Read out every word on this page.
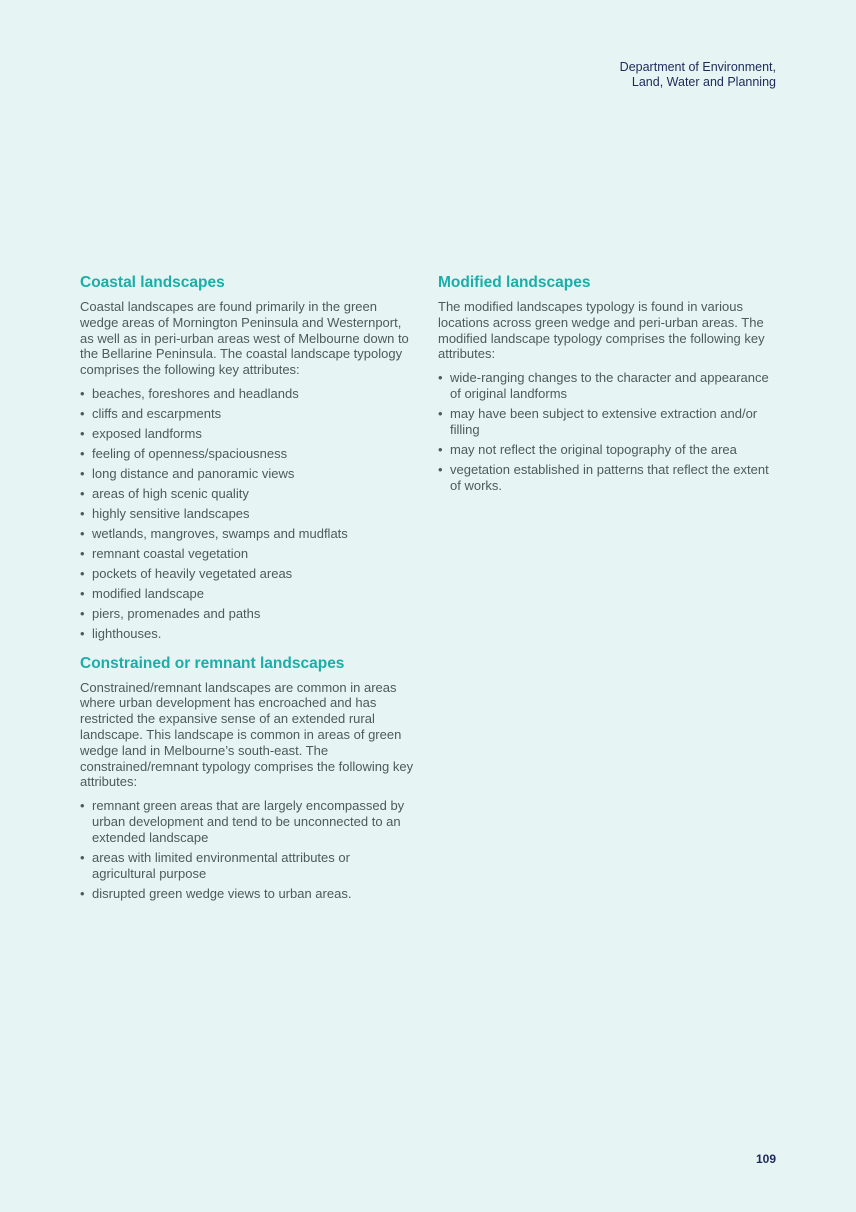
Department of Environment,
Land, Water and Planning
Coastal landscapes

Coastal landscapes are found primarily in the green wedge areas of Mornington Peninsula and Westernport, as well as in peri-urban areas west of Melbourne down to the Bellarine Peninsula. The coastal landscape typology comprises the following key attributes:

• beaches, foreshores and headlands
• cliffs and escarpments
• exposed landforms
• feeling of openness/spaciousness
• long distance and panoramic views
• areas of high scenic quality
• highly sensitive landscapes
• wetlands, mangroves, swamps and mudflats
• remnant coastal vegetation
• pockets of heavily vegetated areas
• modified landscape
• piers, promenades and paths
• lighthouses.
Constrained or remnant landscapes

Constrained/remnant landscapes are common in areas where urban development has encroached and has restricted the expansive sense of an extended rural landscape. This landscape is common in areas of green wedge land in Melbourne’s south-east. The constrained/remnant typology comprises the following key attributes:

• remnant green areas that are largely encompassed by urban development and tend to be unconnected to an extended landscape
• areas with limited environmental attributes or agricultural purpose
• disrupted green wedge views to urban areas.
Modified landscapes

The modified landscapes typology is found in various locations across green wedge and peri-urban areas. The modified landscape typology comprises the following key attributes:

• wide-ranging changes to the character and appearance of original landforms
• may have been subject to extensive extraction and/or filling
• may not reflect the original topography of the area
• vegetation established in patterns that reflect the extent of works.
109
